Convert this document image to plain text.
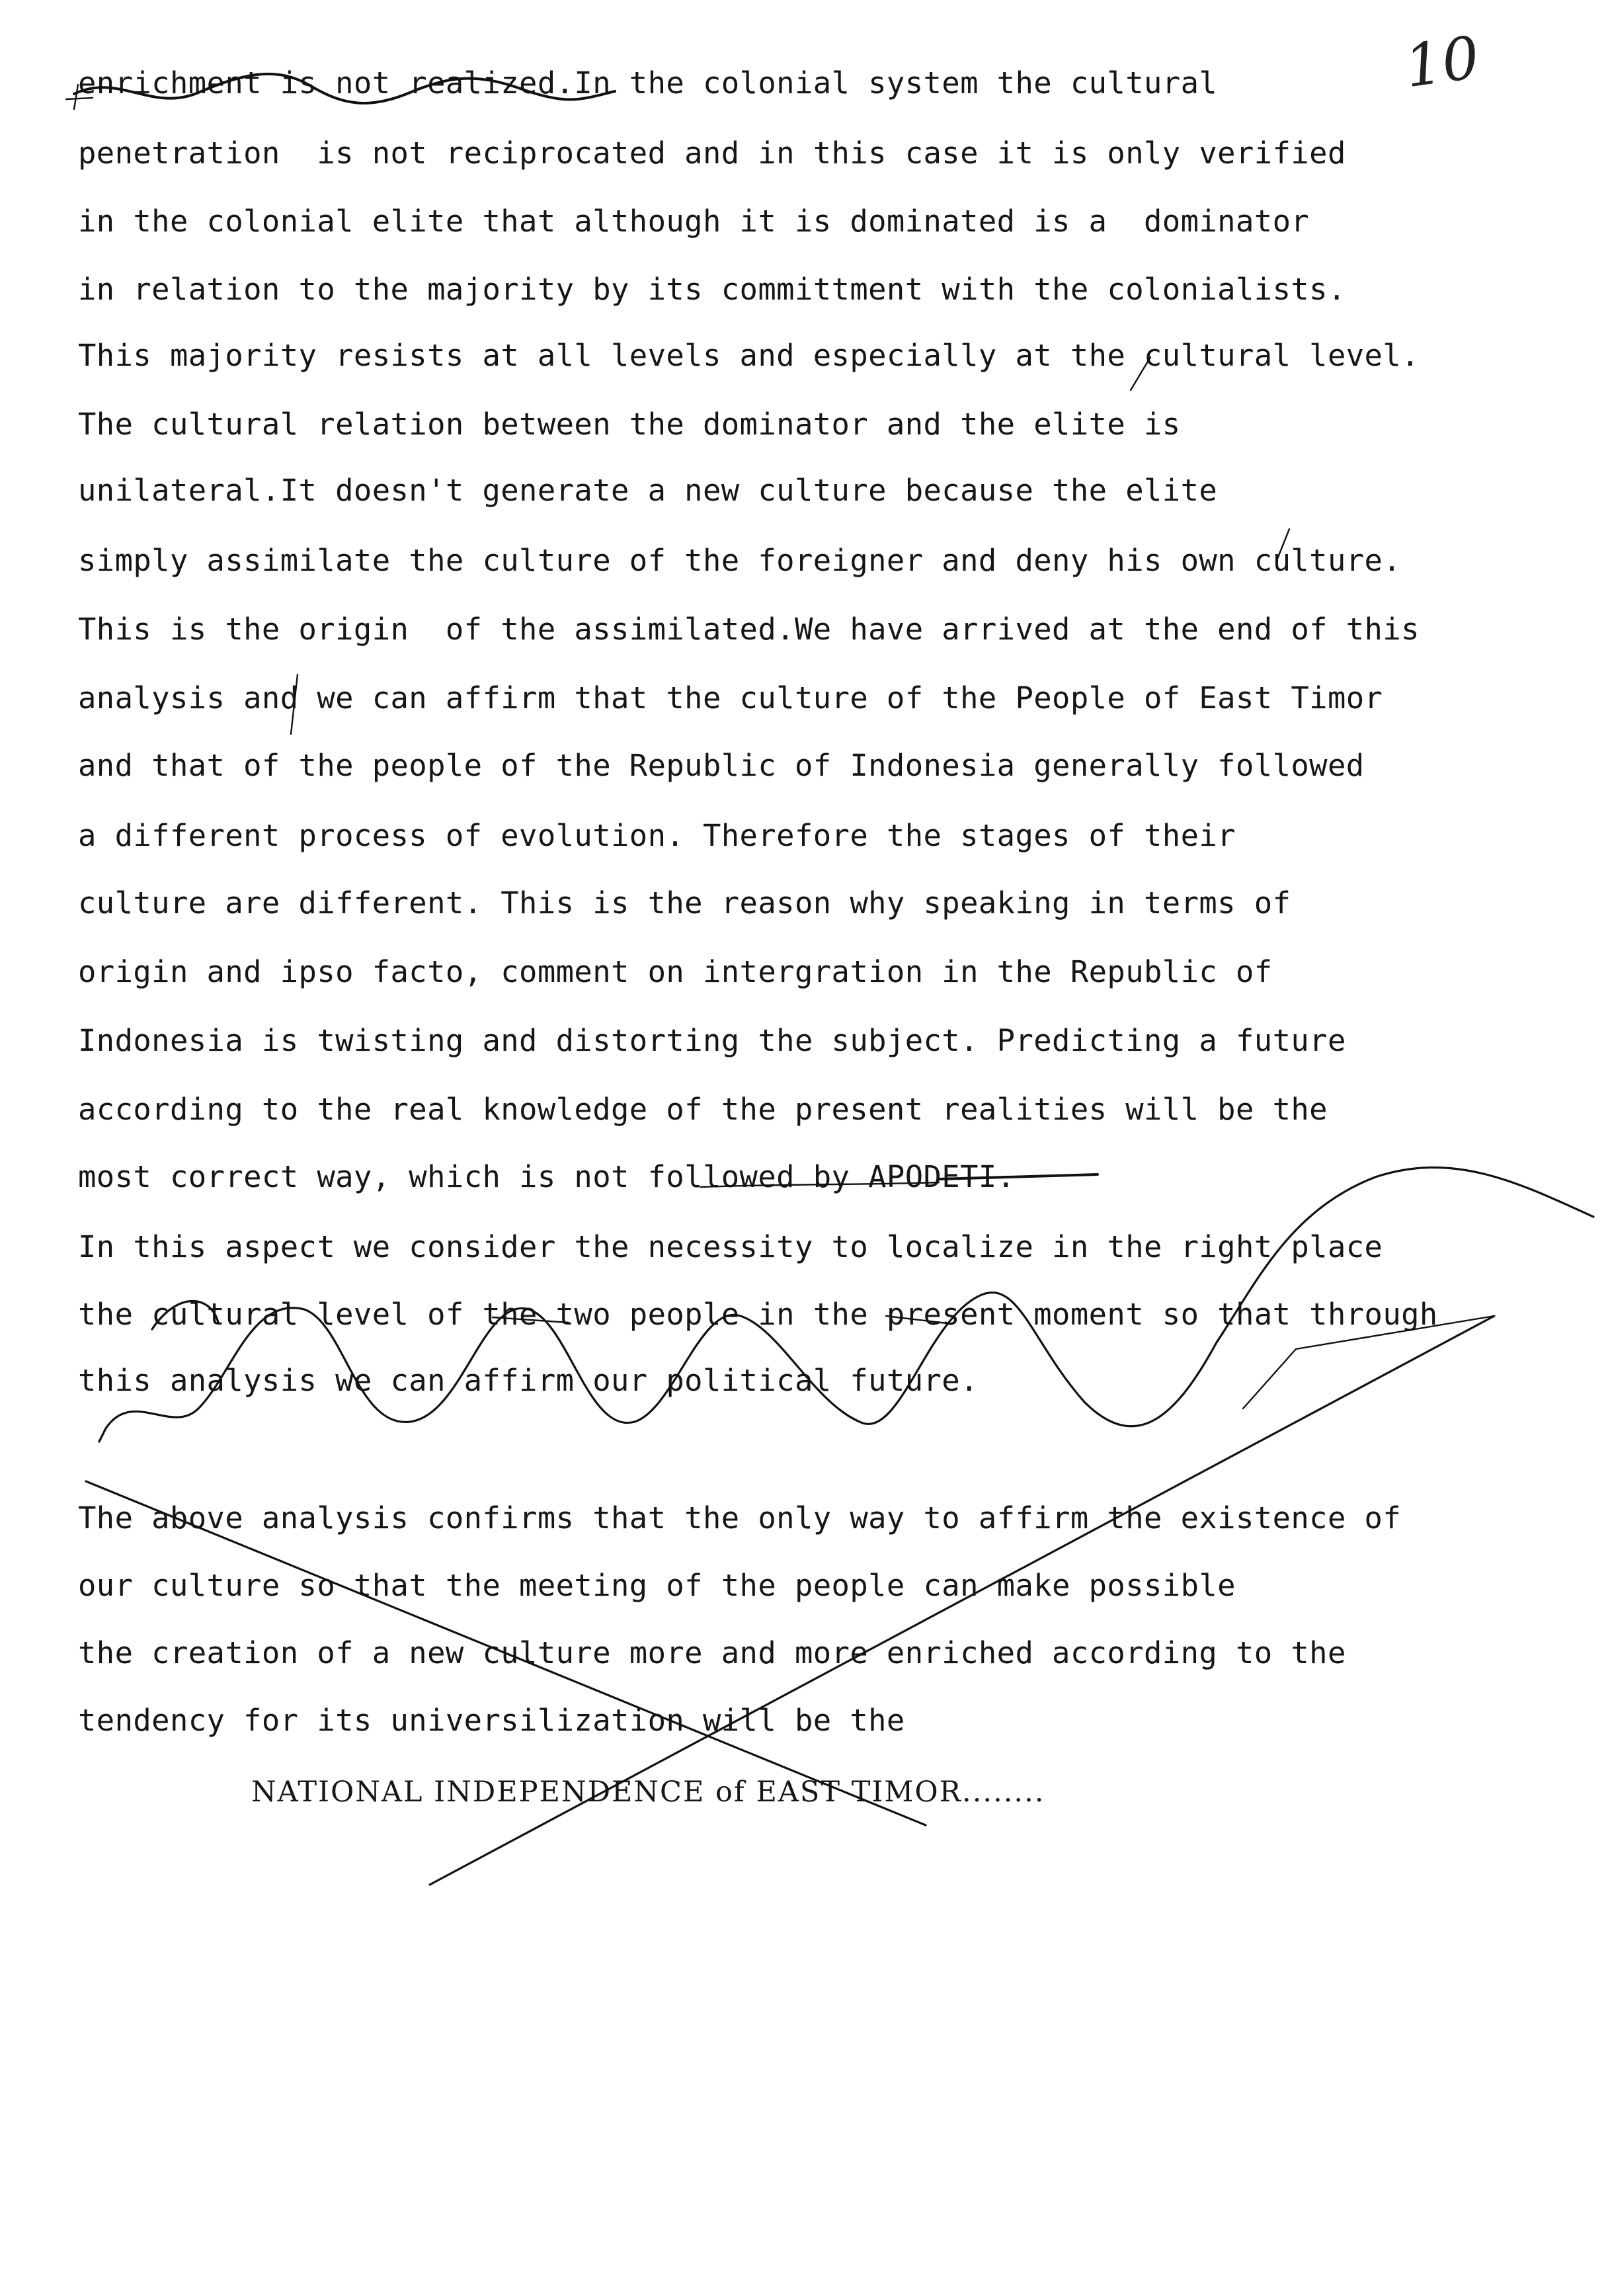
10
enrichment is not realized.In the colonial system the cultural
penetration  is not reciprocated and in this case it is only verified
in the colonial elite that although it is dominated is a  dominator
in relation to the majority by its committment with the colonialists.
This majority resists at all levels and especially at the cultural level.
The cultural relation between the dominator and the elite is
unilateral.It doesn't generate a new culture because the elite
simply assimilate the culture of the foreigner and deny his own culture.
This is the origin  of the assimilated.We have arrived at the end of this
analysis and we can affirm that the culture of the People of East Timor
and that of the people of the Republic of Indonesia generally followed
a different process of evolution. Therefore the stages of their
culture are different. This is the reason why speaking in terms of
origin and ipso facto, comment on intergration in the Republic of
Indonesia is twisting and distorting the subject. Predicting a future
according to the real knowledge of the present realities will be the
most correct way, which is not followed by APODETI.
In this aspect we consider the necessity to localize in the right place
the cultural level of the two people in the present moment so that through
this analysis we can affirm our political future.
The above analysis confirms that the only way to affirm the existence of
our culture so that the meeting of the people can make possible
the creation of a new culture more and more enriched according to the
tendency for its universilization will be the
NATIONAL INDEPENDENCE of EAST TIMOR........
